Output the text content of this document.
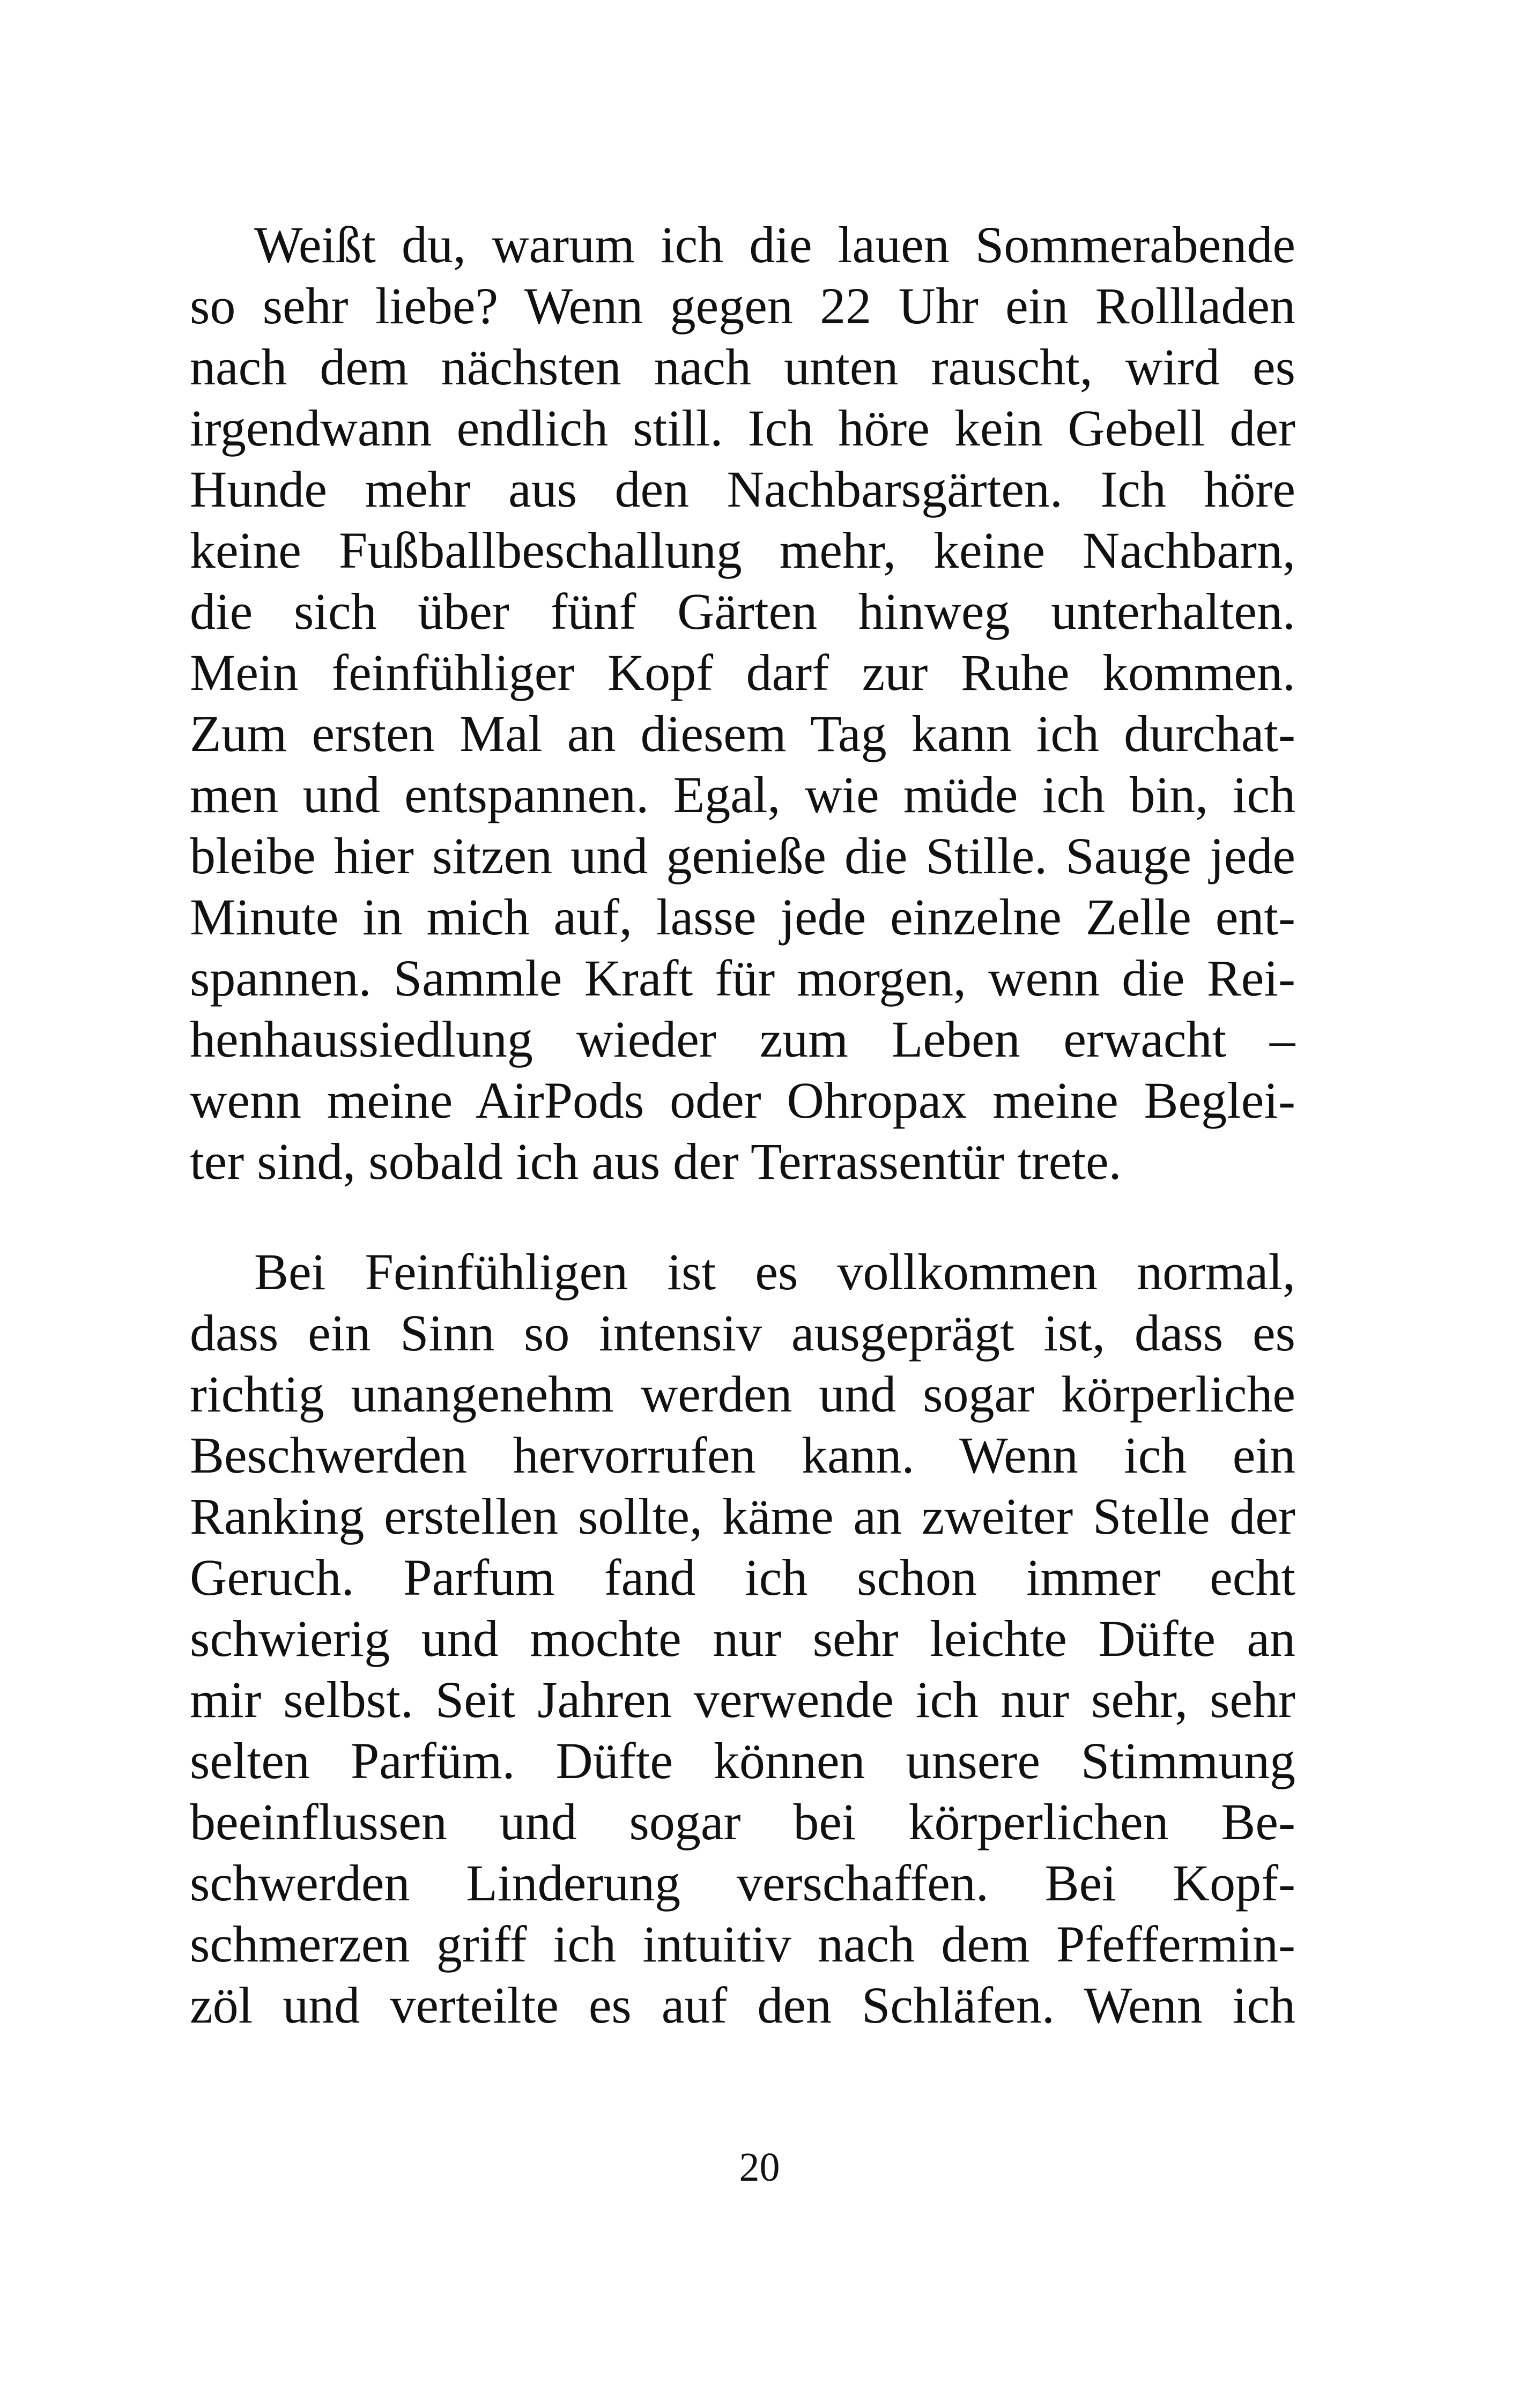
Weißt du, warum ich die lauen Sommerabende
so sehr liebe? Wenn gegen 22 Uhr ein Rollladen
nach dem nächsten nach unten rauscht, wird es
irgendwann endlich still. Ich höre kein Gebell der
Hunde mehr aus den Nachbarsgärten. Ich höre
keine Fußballbeschallung mehr, keine Nachbarn,
die sich über fünf Gärten hinweg unterhalten.
Mein feinfühliger Kopf darf zur Ruhe kommen.
Zum ersten Mal an diesem Tag kann ich durchat-
men und entspannen. Egal, wie müde ich bin, ich
bleibe hier sitzen und genieße die Stille. Sauge jede
Minute in mich auf, lasse jede einzelne Zelle ent-
spannen. Sammle Kraft für morgen, wenn die Rei-
henhaussiedlung wieder zum Leben erwacht –
wenn meine AirPods oder Ohropax meine Beglei-
ter sind, sobald ich aus der Terrassentür trete.
Bei Feinfühligen ist es vollkommen normal,
dass ein Sinn so intensiv ausgeprägt ist, dass es
richtig unangenehm werden und sogar körperliche
Beschwerden hervorrufen kann. Wenn ich ein
Ranking erstellen sollte, käme an zweiter Stelle der
Geruch. Parfum fand ich schon immer echt
schwierig und mochte nur sehr leichte Düfte an
mir selbst. Seit Jahren verwende ich nur sehr, sehr
selten Parfüm. Düfte können unsere Stimmung
beeinflussen und sogar bei körperlichen Be-
schwerden Linderung verschaffen. Bei Kopf-
schmerzen griff ich intuitiv nach dem Pfeffermin-
zöl und verteilte es auf den Schläfen. Wenn ich
20
